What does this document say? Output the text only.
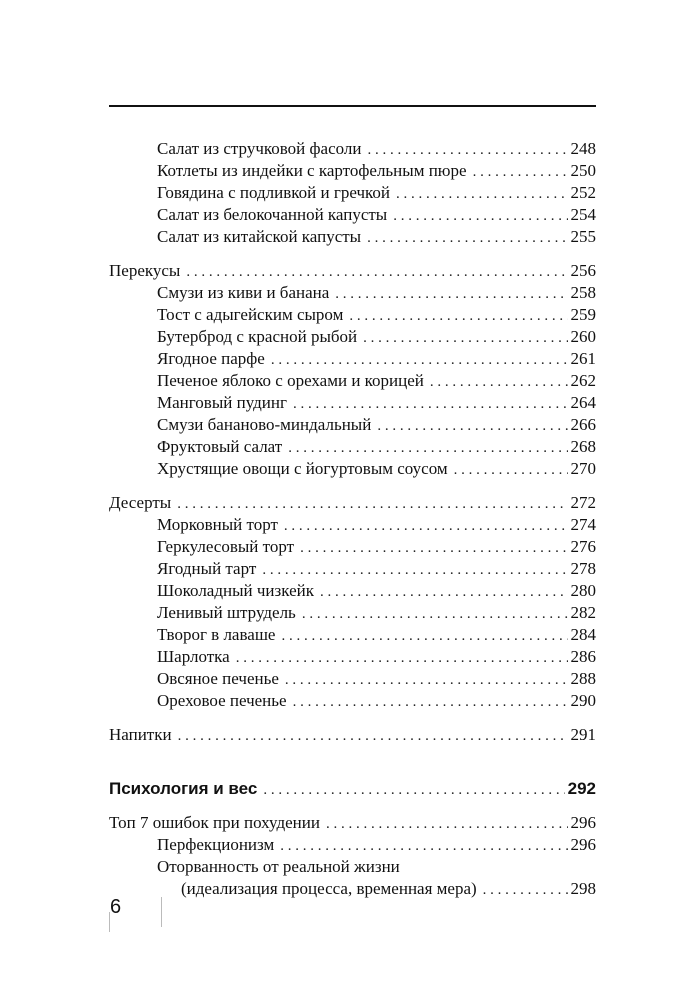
Салат из стручковой фасоли . . .	248
Котлеты из индейки с картофельным пюре . . .	250
Говядина с подливкой и гречкой . . .	252
Салат из белокочанной капусты . . .	254
Салат из китайской капусты . . .	255
Перекусы . . .	256
Смузи из киви и банана . . .	258
Тост с адыгейским сыром . . .	259
Бутерброд с красной рыбой . . .	260
Ягодное парфе . . .	261
Печеное яблоко с орехами и корицей . . .	262
Манговый пудинг . . .	264
Смузи бананово-миндальный . . .	266
Фруктовый салат . . .	268
Хрустящие овощи с йогуртовым соусом . . .	270
Десерты . . .	272
Морковный торт . . .	274
Геркулесовый торт . . .	276
Ягодный тарт . . .	278
Шоколадный чизкейк . . .	280
Ленивый штрудель . . .	282
Творог в лаваше . . .	284
Шарлотка . . .	286
Овсяное печенье . . .	288
Ореховое печенье . . .	290
Напитки . . .	291
Психология и вес . . .	292
Топ 7 ошибок при похудении . . .	296
Перфекционизм . . .	296
Оторванность от реальной жизни
(идеализация процесса, временная мера) . . .	298
6
